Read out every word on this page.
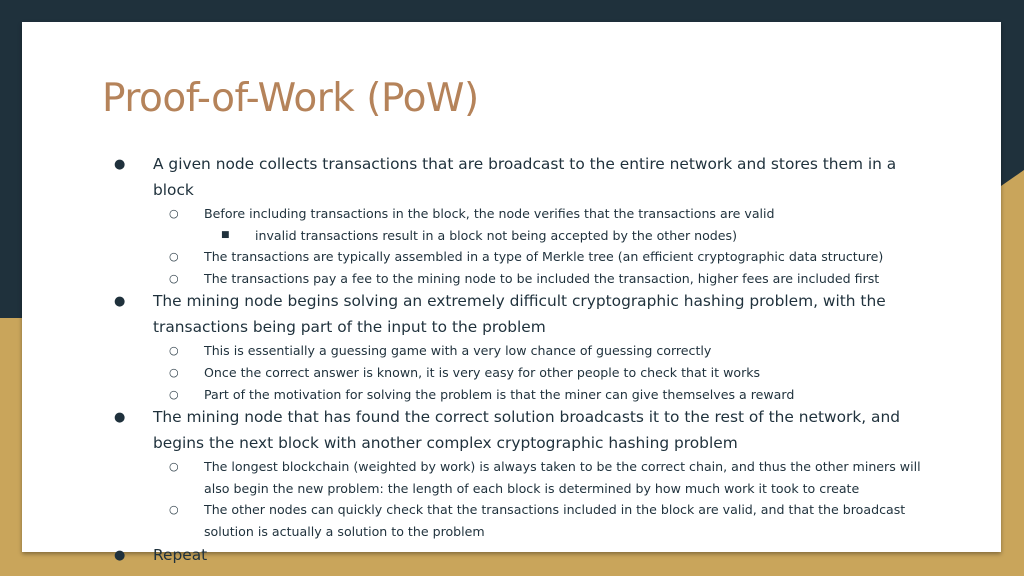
Proof-of-Work (PoW)
● A given node collects transactions that are broadcast to the entire network and stores them in a block
○ Before including transactions in the block, the node verifies that the transactions are valid
■ invalid transactions result in a block not being accepted by the other nodes)
○ The transactions are typically assembled in a type of Merkle tree (an efficient cryptographic data structure)
○ The transactions pay a fee to the mining node to be included the transaction, higher fees are included first
● The mining node begins solving an extremely difficult cryptographic hashing problem, with the transactions being part of the input to the problem
○ This is essentially a guessing game with a very low chance of guessing correctly
○ Once the correct answer is known, it is very easy for other people to check that it works
○ Part of the motivation for solving the problem is that the miner can give themselves a reward
● The mining node that has found the correct solution broadcasts it to the rest of the network, and begins the next block with another complex cryptographic hashing problem
○ The longest blockchain (weighted by work) is always taken to be the correct chain, and thus the other miners will also begin the new problem: the length of each block is determined by how much work it took to create
○ The other nodes can quickly check that the transactions included in the block are valid, and that the broadcast solution is actually a solution to the problem
● Repeat
